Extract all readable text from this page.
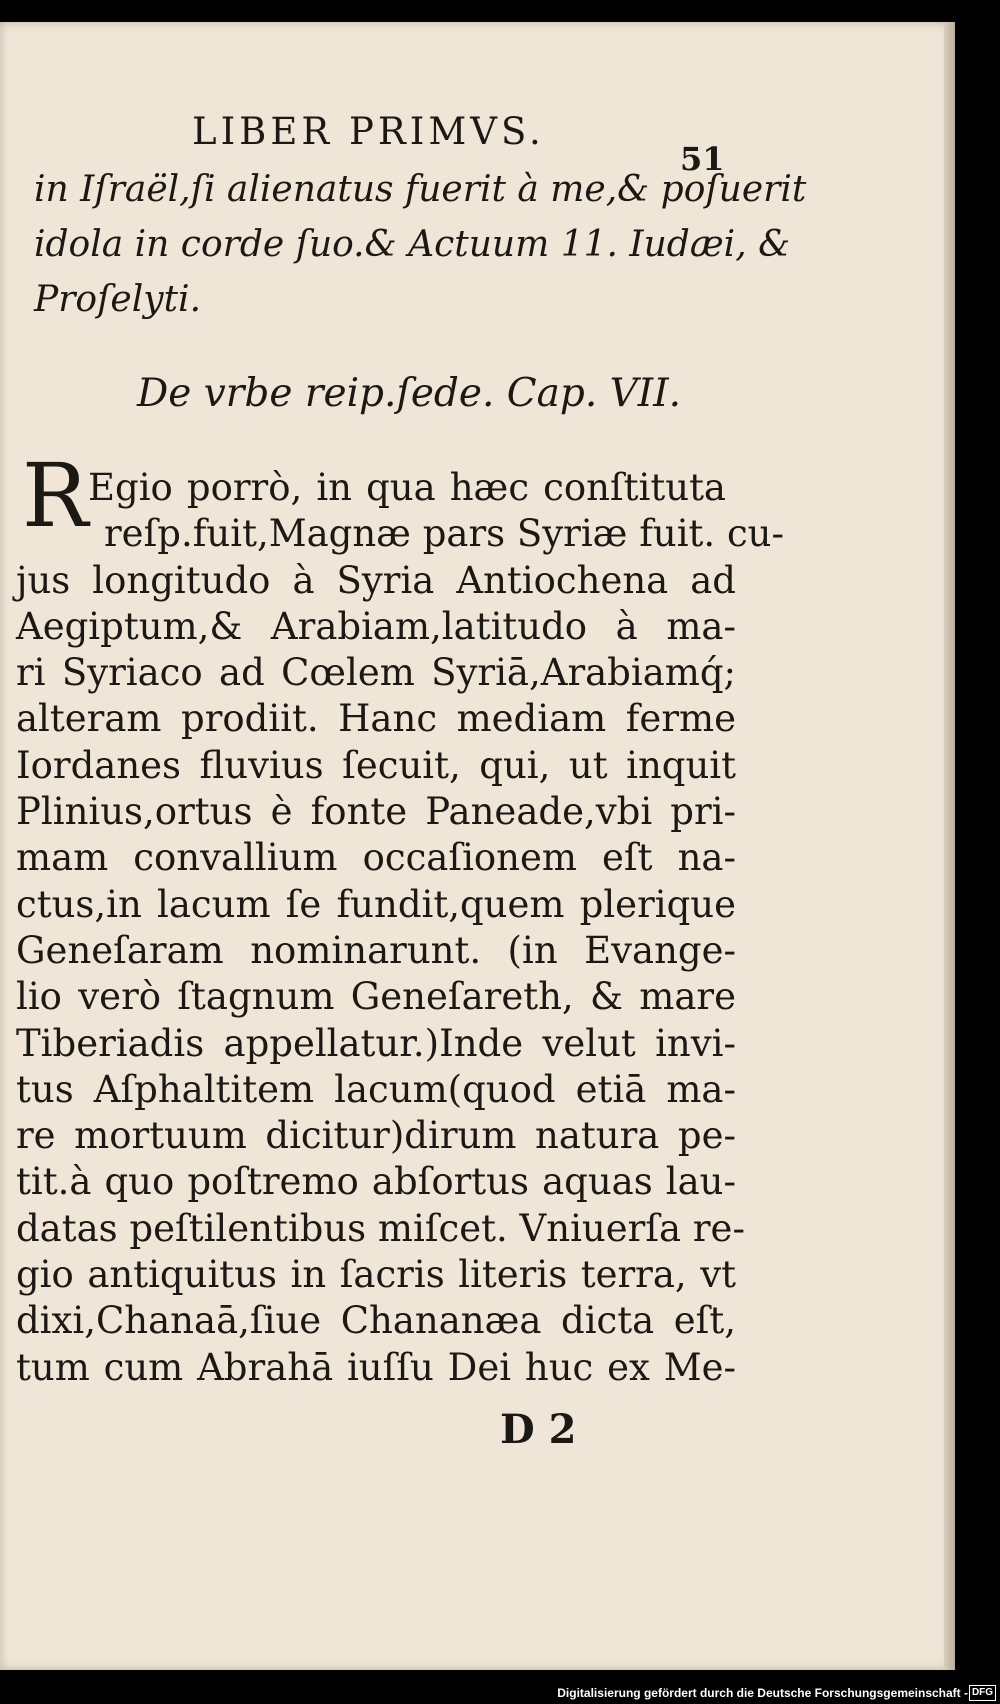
LIBER PRIMVS.
51
in Iſraël,ſi alienatus fuerit à me,& poſuerit
idola in corde ſuo.& Actuum 11. Iudæi, &
Proſelyti.
De vrbe reip.ſede. Cap. VII.
R Egio porrò, in qua hæc conſtituta
reſp.fuit,Magnæ pars Syriæ fuit. cu-
jus longitudo à Syria Antiochena ad
Aegiptum,& Arabiam,latitudo à ma-
ri Syriaco ad Cœlem Syriā,Arabiamq́;
alteram prodiit. Hanc mediam ferme
Iordanes fluvius ſecuit, qui, ut inquit
Plinius,ortus è fonte Paneade,vbi pri-
mam convallium occaſionem eſt na-
ctus,in lacum ſe fundit,quem plerique
Geneſaram nominarunt. (in Evange-
lio verò ſtagnum Geneſareth, & mare
Tiberiadis appellatur.)Inde velut invi-
tus Aſphaltitem lacum(quod etiā ma-
re mortuum dicitur)dirum natura pe-
tit.à quo poſtremo abſortus aquas lau-
datas peſtilentibus miſcet. Vniuerſa re-
gio antiquitus in ſacris literis terra, vt
dixi,Chanaā,ſiue Chananæa dicta eſt,
tum cum Abrahā iuſſu Dei huc ex Me-
D 2
Digitalisierung gefördert durch die Deutsche Forschungsgemeinschaft - DFG
